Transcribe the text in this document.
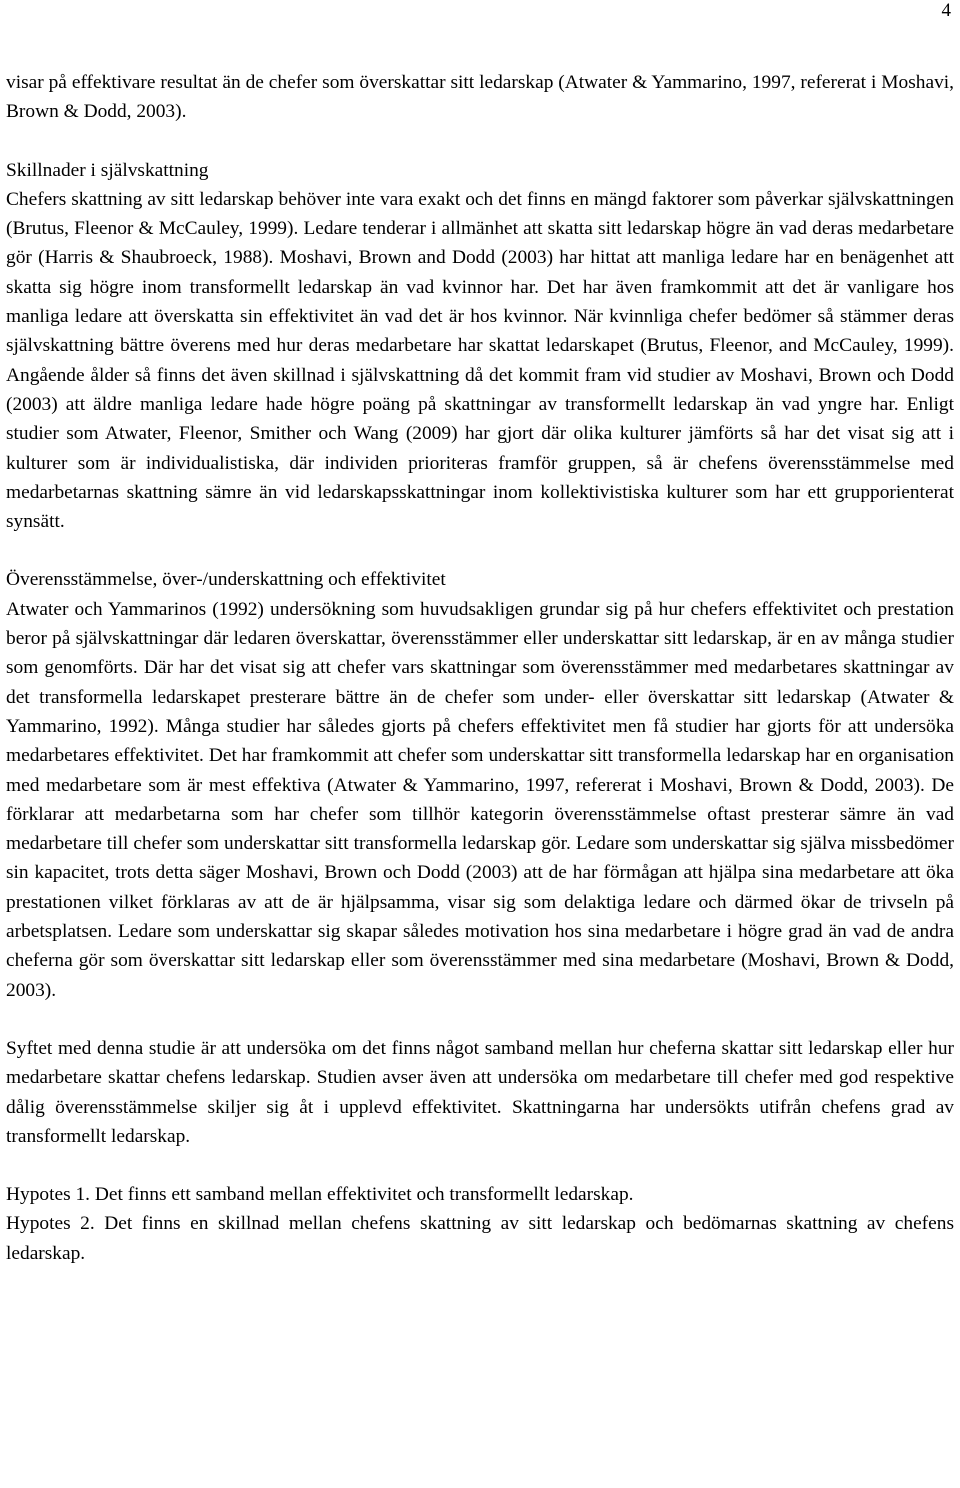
4

visar på effektivare resultat än de chefer som överskattar sitt ledarskap (Atwater & Yammarino, 1997, refererat i Moshavi, Brown & Dodd, 2003).

Skillnader i självskattning

Chefers skattning av sitt ledarskap behöver inte vara exakt och det finns en mängd faktorer som påverkar självskattningen (Brutus, Fleenor & McCauley, 1999). Ledare tenderar i allmänhet att skatta sitt ledarskap högre än vad deras medarbetare gör (Harris & Shaubroeck, 1988). Moshavi, Brown and Dodd (2003) har hittat att manliga ledare har en benägenhet att skatta sig högre inom transformellt ledarskap än vad kvinnor har. Det har även framkommit att det är vanligare hos manliga ledare att överskatta sin effektivitet än vad det är hos kvinnor. När kvinnliga chefer bedömer så stämmer deras självskattning bättre överens med hur deras medarbetare har skattat ledarskapet (Brutus, Fleenor, and McCauley, 1999). Angående ålder så finns det även skillnad i självskattning då det kommit fram vid studier av Moshavi, Brown och Dodd (2003) att äldre manliga ledare hade högre poäng på skattningar av transformellt ledarskap än vad yngre har. Enligt studier som Atwater, Fleenor, Smither och Wang (2009) har gjort där olika kulturer jämförts så har det visat sig att i kulturer som är individualistiska, där individen prioriteras framför gruppen, så är chefens överensstämmelse med medarbetarnas skattning sämre än vid ledarskapsskattningar inom kollektivistiska kulturer som har ett grupporienterat synsätt.

Överensstämmelse, över-/underskattning och effektivitet

Atwater och Yammarinos (1992) undersökning som huvudsakligen grundar sig på hur chefers effektivitet och prestation beror på självskattningar där ledaren överskattar, överensstämmer eller underskattar sitt ledarskap, är en av många studier som genomförts. Där har det visat sig att chefer vars skattningar som överensstämmer med medarbetares skattningar av det transformella ledarskapet presterare bättre än de chefer som under- eller överskattar sitt ledarskap (Atwater & Yammarino, 1992). Många studier har således gjorts på chefers effektivitet men få studier har gjorts för att undersöka medarbetares effektivitet. Det har framkommit att chefer som underskattar sitt transformella ledarskap har en organisation med medarbetare som är mest effektiva (Atwater & Yammarino, 1997, refererat i Moshavi, Brown & Dodd, 2003). De förklarar att medarbetarna som har chefer som tillhör kategorin överensstämmelse oftast presterar sämre än vad medarbetare till chefer som underskattar sitt transformella ledarskap gör. Ledare som underskattar sig själva missbedömer sin kapacitet, trots detta säger Moshavi, Brown och Dodd (2003) att de har förmågan att hjälpa sina medarbetare att öka prestationen vilket förklaras av att de är hjälpsamma, visar sig som delaktiga ledare och därmed ökar de trivseln på arbetsplatsen. Ledare som underskattar sig skapar således motivation hos sina medarbetare i högre grad än vad de andra cheferna gör som överskattar sitt ledarskap eller som överensstämmer med sina medarbetare (Moshavi, Brown & Dodd, 2003).

Syftet med denna studie är att undersöka om det finns något samband mellan hur cheferna skattar sitt ledarskap eller hur medarbetare skattar chefens ledarskap. Studien avser även att undersöka om medarbetare till chefer med god respektive dålig överensstämmelse skiljer sig åt i upplevd effektivitet. Skattningarna har undersökts utifrån chefens grad av transformellt ledarskap.

Hypotes 1. Det finns ett samband mellan effektivitet och transformellt ledarskap.

Hypotes 2. Det finns en skillnad mellan chefens skattning av sitt ledarskap och bedömarnas skattning av chefens ledarskap.
